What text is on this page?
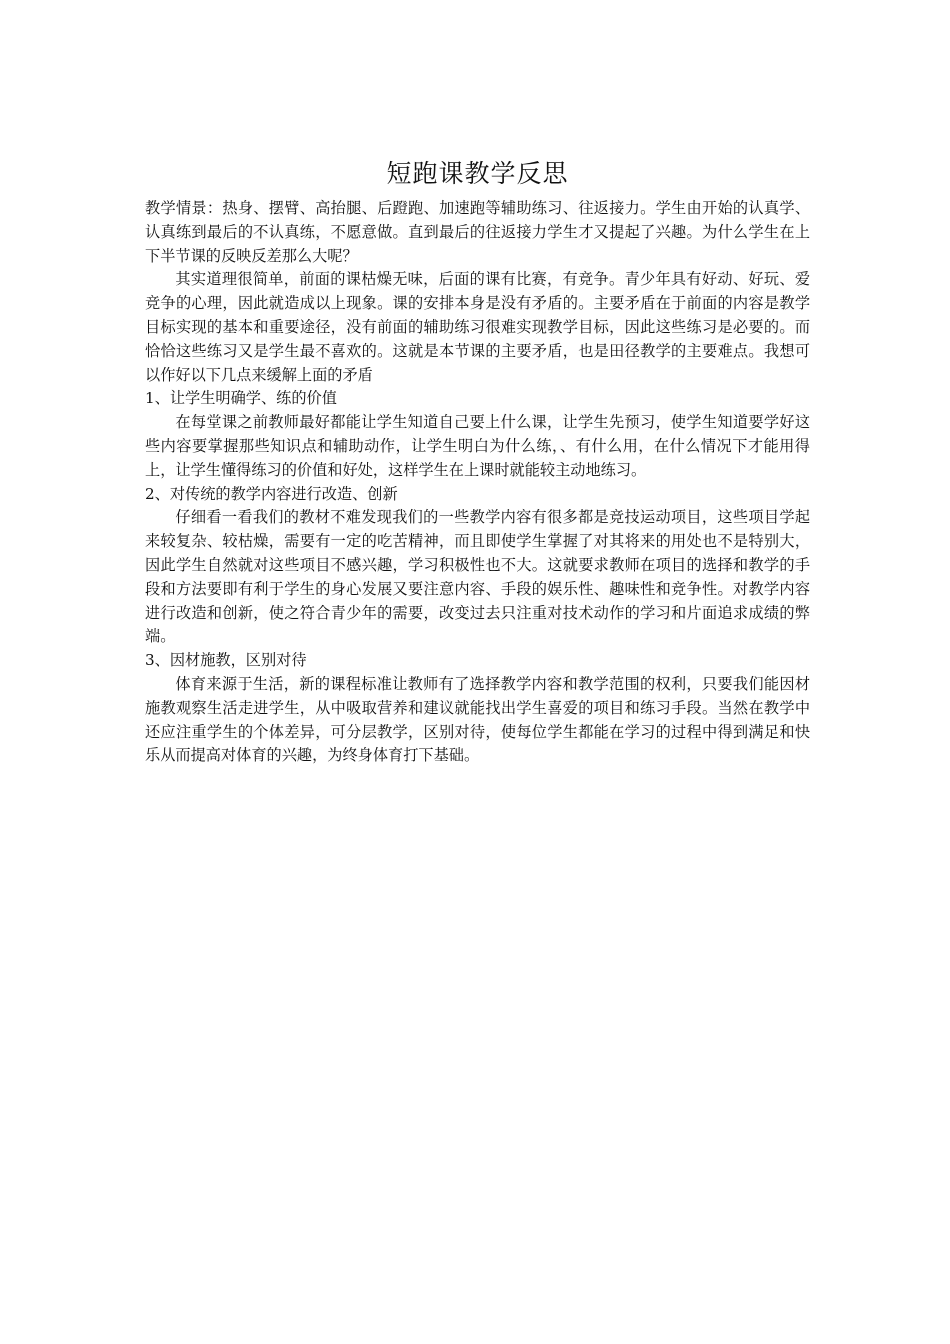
短跑课教学反思

教学情景：热身、摆臂、高抬腿、后蹬跑、加速跑等辅助练习、往返接力。学生由开始的认真学、认真练到最后的不认真练，不愿意做。直到最后的往返接力学生才又提起了兴趣。为什么学生在上下半节课的反映反差那么大呢？

其实道理很简单，前面的课枯燥无味，后面的课有比赛，有竞争。青少年具有好动、好玩、爱竞争的心理，因此就造成以上现象。课的安排本身是没有矛盾的。主要矛盾在于前面的内容是教学目标实现的基本和重要途径，没有前面的辅助练习很难实现教学目标，因此这些练习是必要的。而恰恰这些练习又是学生最不喜欢的。这就是本节课的主要矛盾，也是田径教学的主要难点。我想可以作好以下几点来缓解上面的矛盾

1、让学生明确学、练的价值

在每堂课之前教师最好都能让学生知道自己要上什么课，让学生先预习，使学生知道要学好这些内容要掌握那些知识点和辅助动作，让学生明白为什么练，、有什么用，在什么情况下才能用得上，让学生懂得练习的价值和好处，这样学生在上课时就能较主动地练习。

2、对传统的教学内容进行改造、创新

仔细看一看我们的教材不难发现我们的一些教学内容有很多都是竞技运动项目，这些项目学起来较复杂、较枯燥，需要有一定的吃苦精神，而且即使学生掌握了对其将来的用处也不是特别大，因此学生自然就对这些项目不感兴趣，学习积极性也不大。这就要求教师在项目的选择和教学的手段和方法要即有利于学生的身心发展又要注意内容、手段的娱乐性、趣味性和竞争性。对教学内容进行改造和创新，使之符合青少年的需要，改变过去只注重对技术动作的学习和片面追求成绩的弊端。

3、因材施教，区别对待

体育来源于生活，新的课程标准让教师有了选择教学内容和教学范围的权利，只要我们能因材施教观察生活走进学生，从中吸取营养和建议就能找出学生喜爱的项目和练习手段。当然在教学中还应注重学生的个体差异，可分层教学，区别对待，使每位学生都能在学习的过程中得到满足和快乐从而提高对体育的兴趣，为终身体育打下基础。
